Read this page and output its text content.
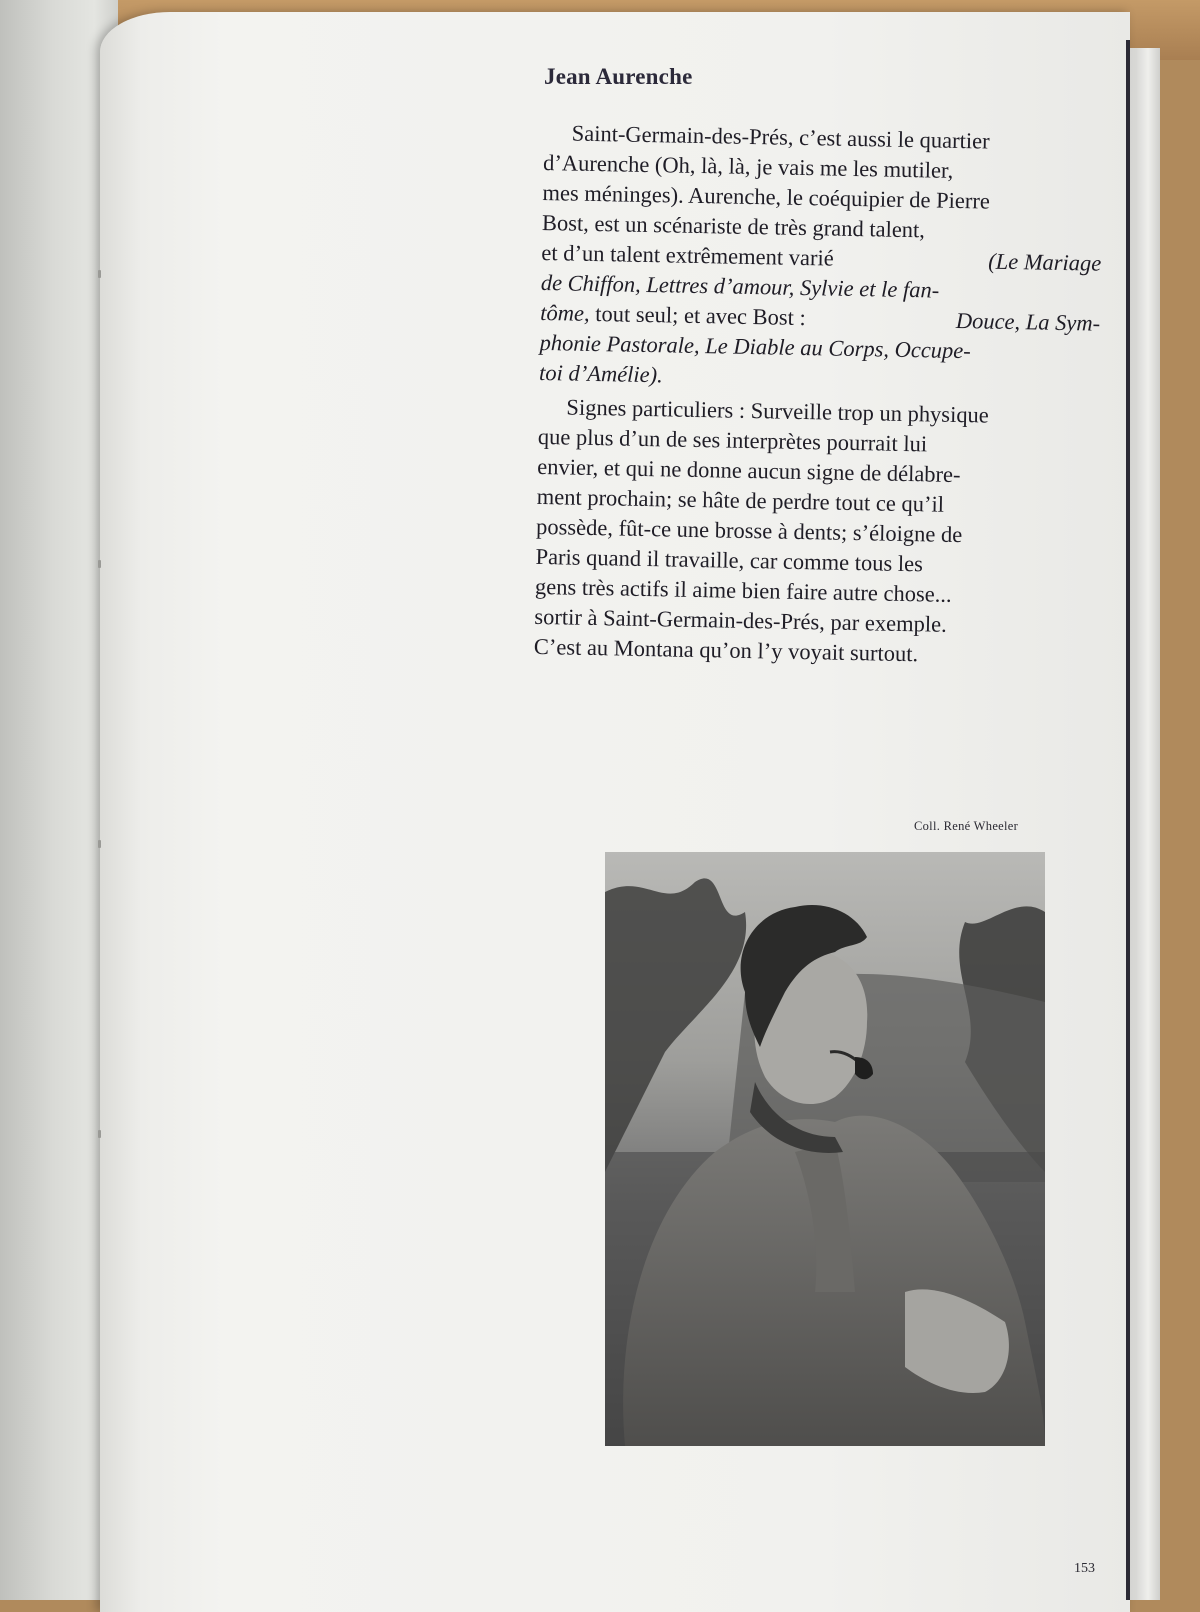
Jean Aurenche
Saint-Germain-des-Prés, c’est aussi le quartier
d’Aurenche (Oh, là, là, je vais me les mutiler,
mes méninges). Aurenche, le coéquipier de Pierre
Bost, est un scénariste de très grand talent,
et d’un talent extrêmement varié	(Le Mariage
de Chiffon, Lettres d’amour, Sylvie et le fan-
tôme, tout seul; et avec Bost :	Douce, La Sym-
phonie Pastorale, Le Diable au Corps, Occupe-
toi d’Amélie).
Signes particuliers : Surveille trop un physique
que plus d’un de ses interprètes pourrait lui
envier, et qui ne donne aucun signe de délabre-
ment prochain; se hâte de perdre tout ce qu’il
possède, fût-ce une brosse à dents; s’éloigne de
Paris quand il travaille, car comme tous les
gens très actifs il aime bien faire autre chose...
sortir à Saint-Germain-des-Prés, par exemple.
C’est au Montana qu’on l’y voyait surtout.
Coll. René Wheeler
153
